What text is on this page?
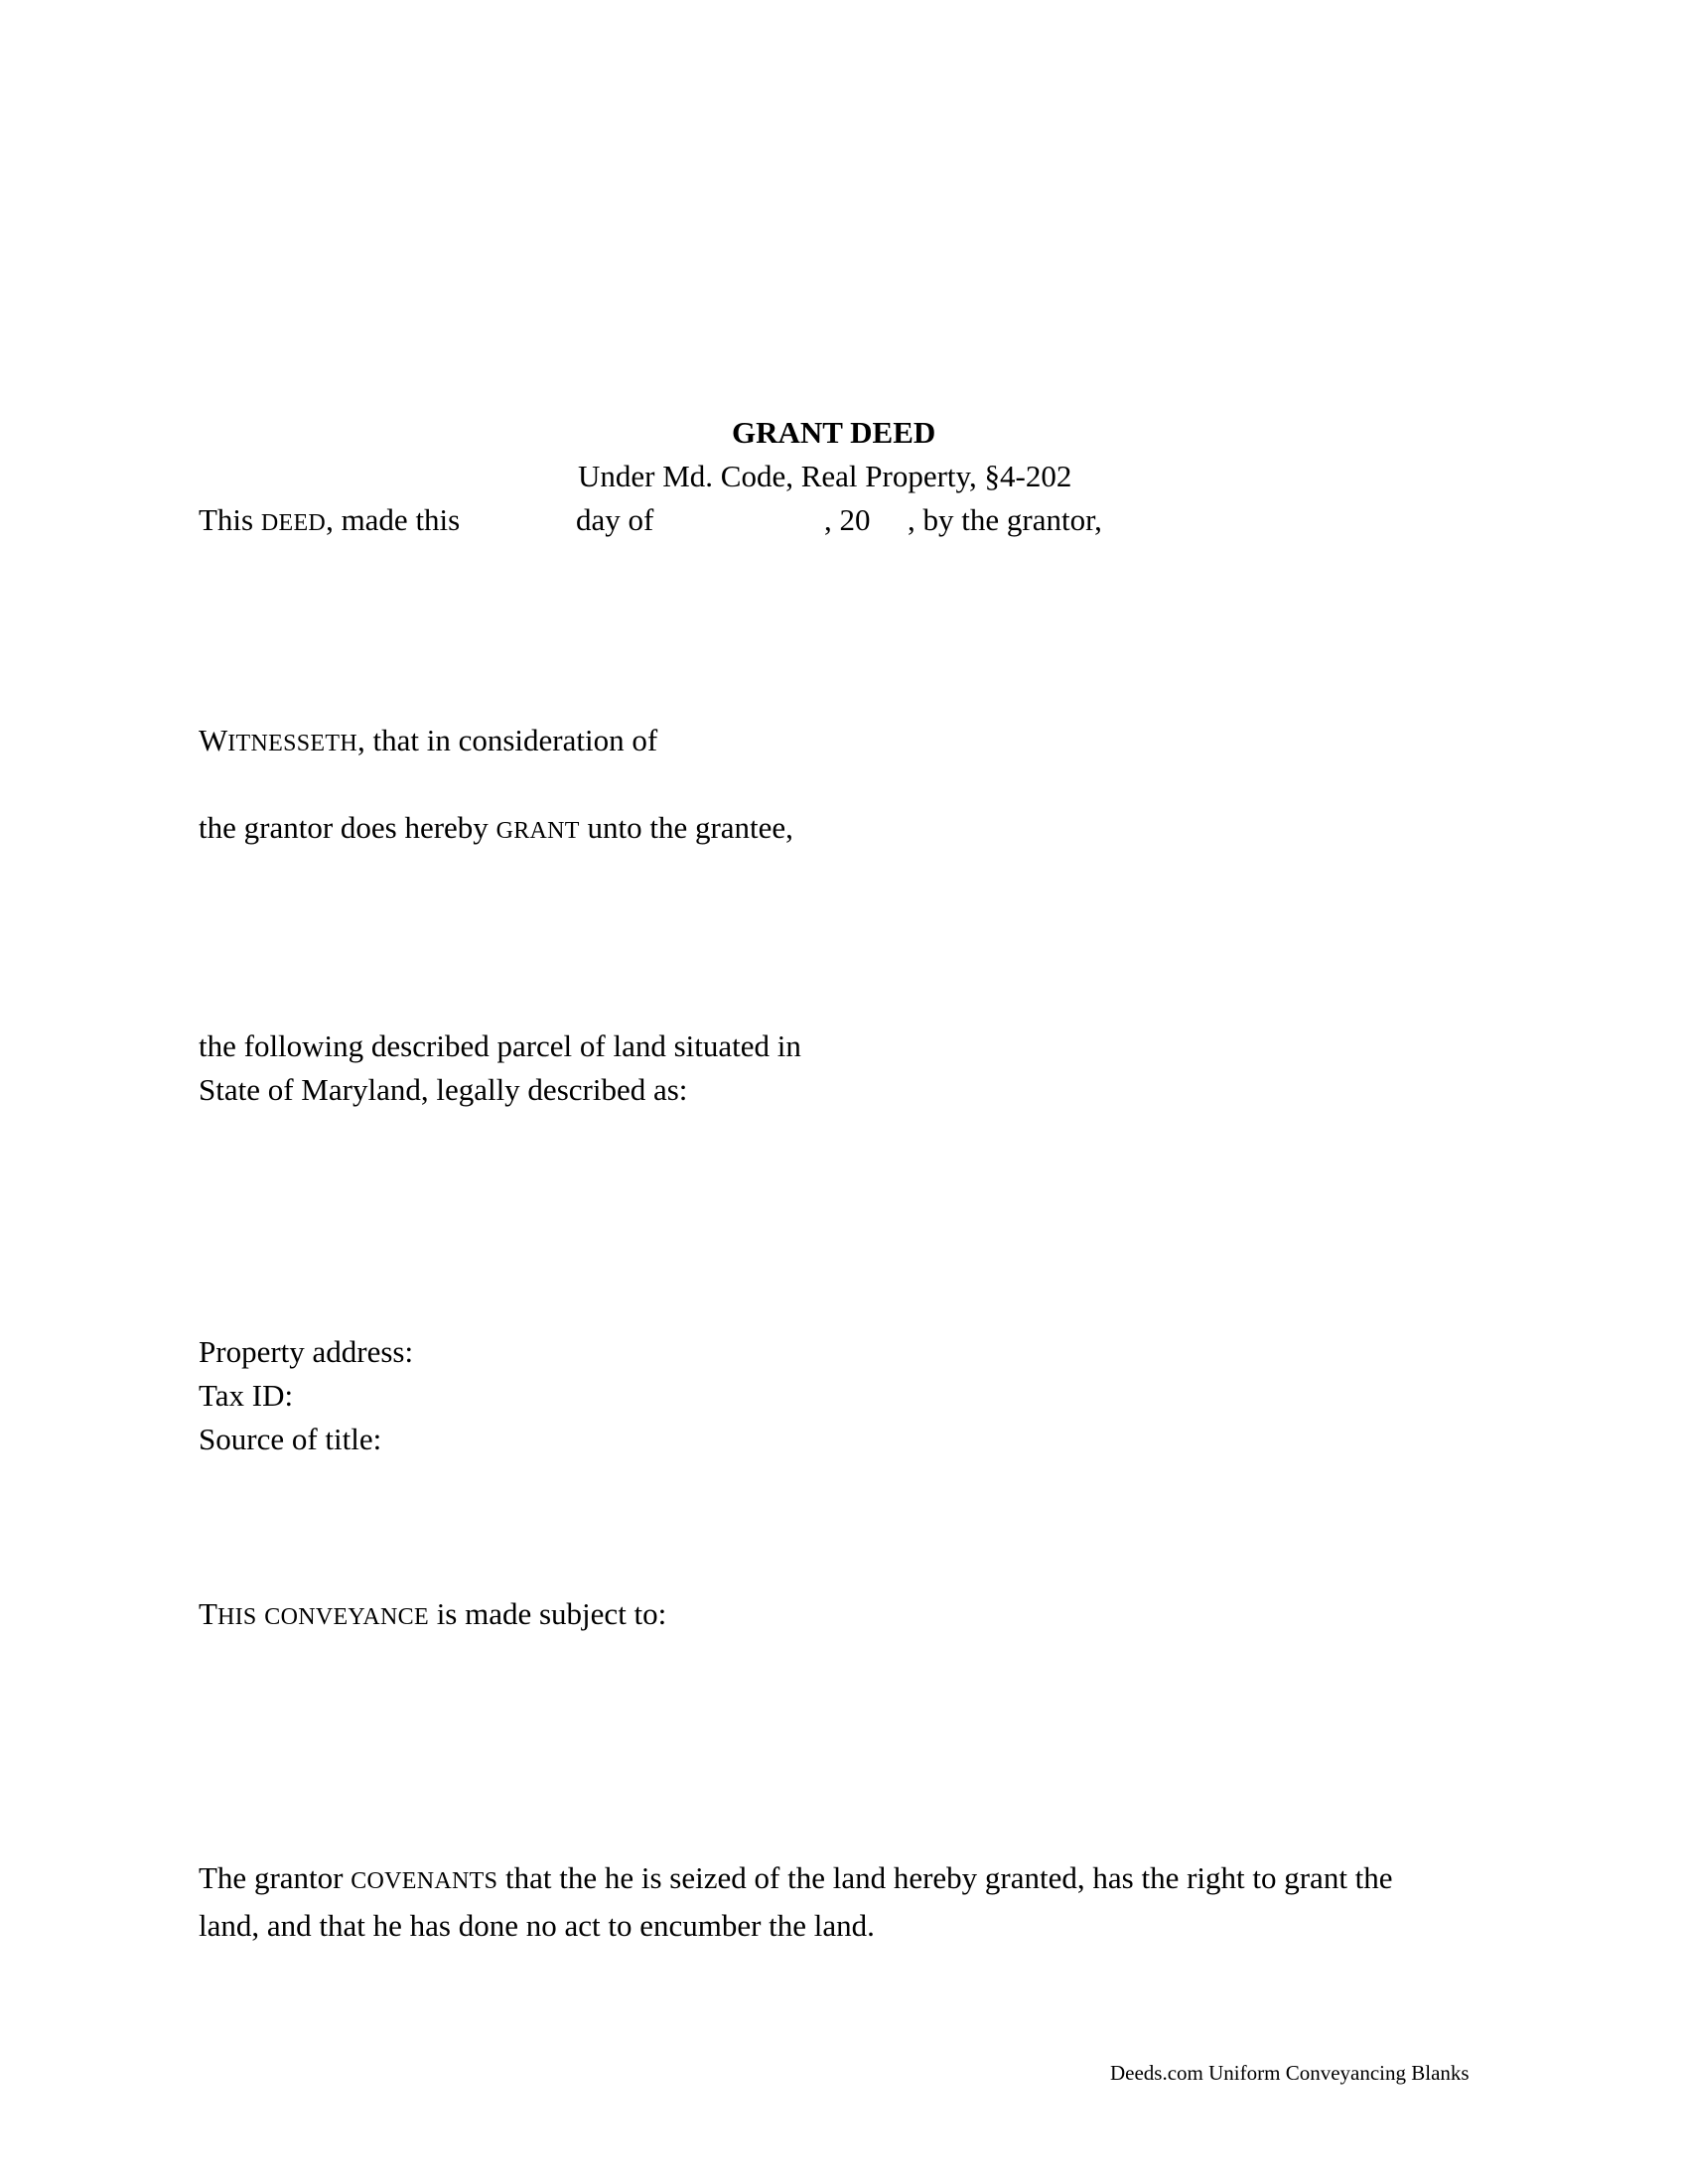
GRANT DEED
Under Md. Code, Real Property, §4-202
This DEED, made this	day of	, 20 , by the grantor,
WITNESSETH, that in consideration of
the grantor does hereby GRANT unto the grantee,
the following described parcel of land situated in
State of Maryland, legally described as:
Property address:
Tax ID:
Source of title:
THIS CONVEYANCE is made subject to:
The grantor COVENANTS that the he is seized of the land hereby granted, has the right to grant the
land, and that he has done no act to encumber the land.
Deeds.com Uniform Conveyancing Blanks
